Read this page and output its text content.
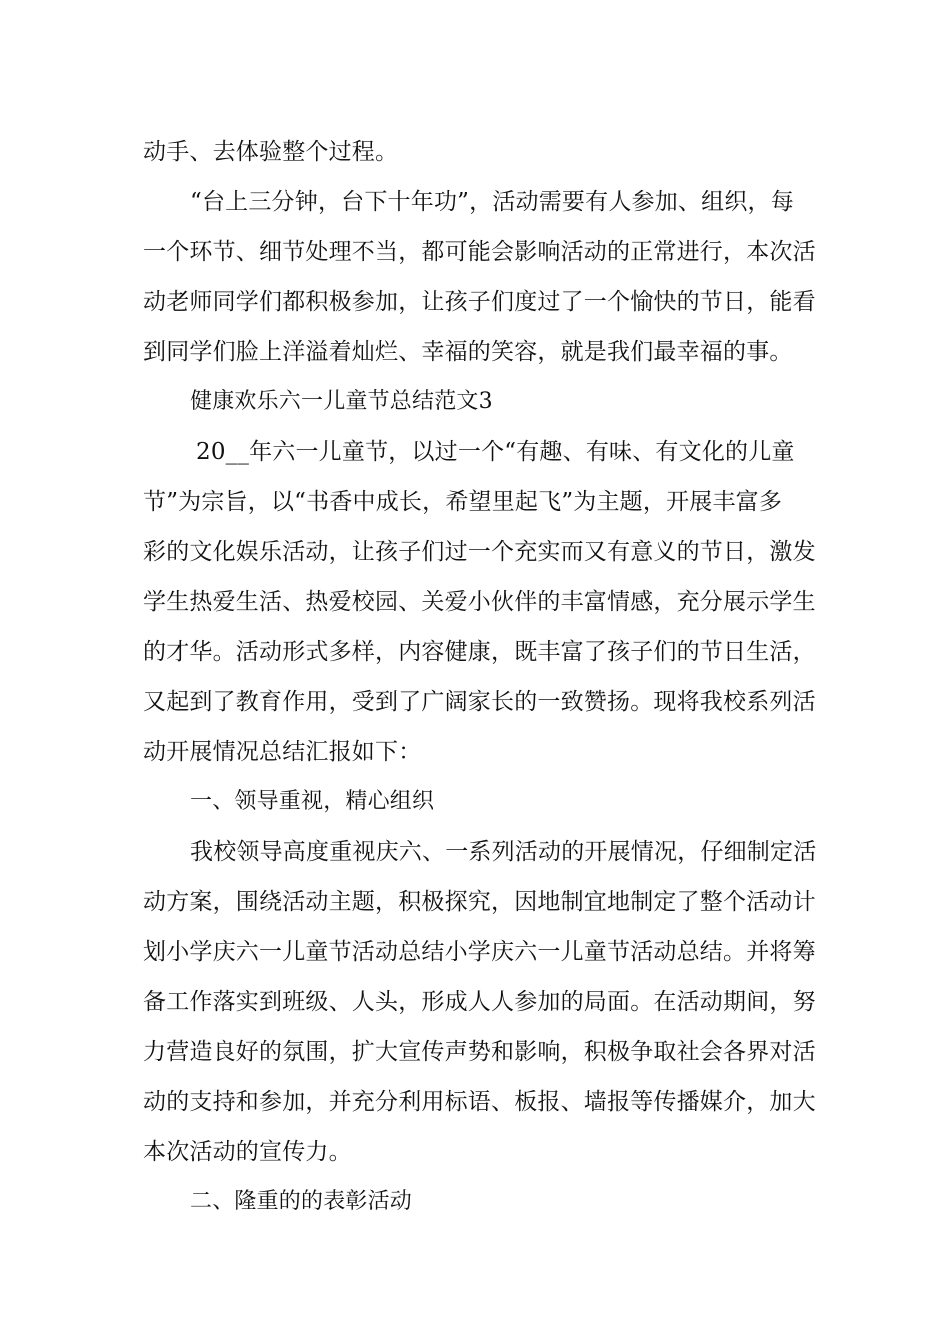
动手、去体验整个过程。
“台上三分钟，台下十年功”，活动需要有人参加、组织，每
一个环节、细节处理不当，都可能会影响活动的正常进行，本次活
动老师同学们都积极参加，让孩子们度过了一个愉快的节日，能看
到同学们脸上洋溢着灿烂、幸福的笑容，就是我们最幸福的事。
健康欢乐六一儿童节总结范文3
20__年六一儿童节，以过一个“有趣、有味、有文化的儿童
节”为宗旨，以“书香中成长，希望里起飞”为主题，开展丰富多
彩的文化娱乐活动，让孩子们过一个充实而又有意义的节日，激发
学生热爱生活、热爱校园、关爱小伙伴的丰富情感，充分展示学生
的才华。活动形式多样，内容健康，既丰富了孩子们的节日生活，
又起到了教育作用，受到了广阔家长的一致赞扬。现将我校系列活
动开展情况总结汇报如下：
一、领导重视，精心组织
我校领导高度重视庆六、一系列活动的开展情况，仔细制定活
动方案，围绕活动主题，积极探究，因地制宜地制定了整个活动计
划小学庆六一儿童节活动总结小学庆六一儿童节活动总结。并将筹
备工作落实到班级、人头，形成人人参加的局面。在活动期间，努
力营造良好的氛围，扩大宣传声势和影响，积极争取社会各界对活
动的支持和参加，并充分利用标语、板报、墙报等传播媒介，加大
本次活动的宣传力。
二、隆重的的表彰活动
